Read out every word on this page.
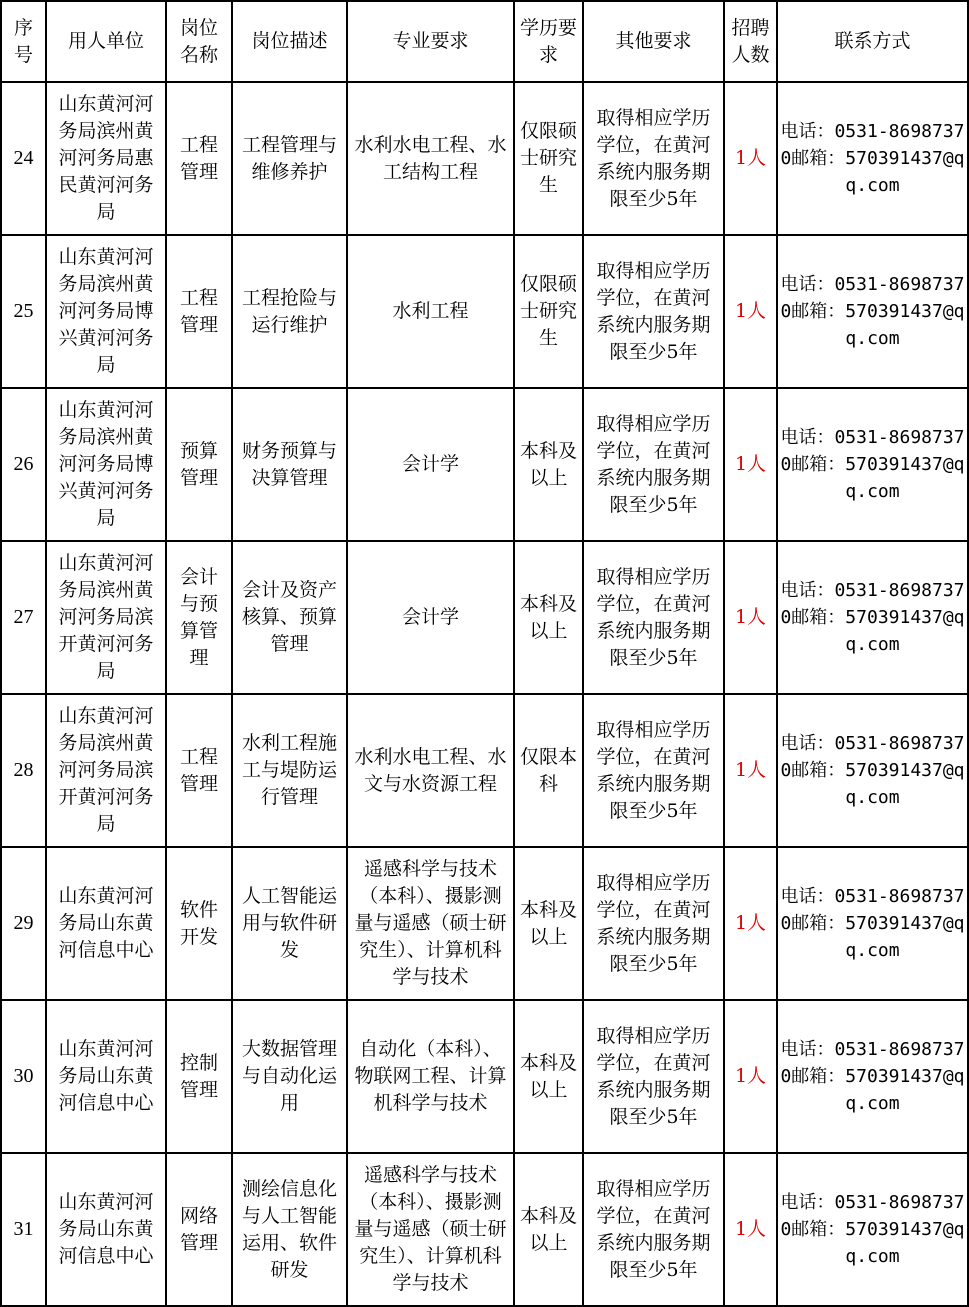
序号	用人单位	岗位名称	岗位描述	专业要求	学历要求	其他要求	招聘人数	联系方式
24	山东黄河河务局滨州黄河河务局惠民黄河河务局	工程管理	工程管理与维修养护	水利水电工程、水工结构工程	仅限硕士研究生	取得相应学历学位，在黄河系统内服务期限至少5年	1人	电话：0531-86987370邮箱：570391437@qq.com
25	山东黄河河务局滨州黄河河务局博兴黄河河务局	工程管理	工程抢险与运行维护	水利工程	仅限硕士研究生	取得相应学历学位，在黄河系统内服务期限至少5年	1人	电话：0531-86987370邮箱：570391437@qq.com
26	山东黄河河务局滨州黄河河务局博兴黄河河务局	预算管理	财务预算与决算管理	会计学	本科及以上	取得相应学历学位，在黄河系统内服务期限至少5年	1人	电话：0531-86987370邮箱：570391437@qq.com
27	山东黄河河务局滨州黄河河务局滨开黄河河务局	会计与预算管理	会计及资产核算、预算管理	会计学	本科及以上	取得相应学历学位，在黄河系统内服务期限至少5年	1人	电话：0531-86987370邮箱：570391437@qq.com
28	山东黄河河务局滨州黄河河务局滨开黄河河务局	工程管理	水利工程施工与堤防运行管理	水利水电工程、水文与水资源工程	仅限本科	取得相应学历学位，在黄河系统内服务期限至少5年	1人	电话：0531-86987370邮箱：570391437@qq.com
29	山东黄河河务局山东黄河信息中心	软件开发	人工智能运用与软件研发	遥感科学与技术（本科）、摄影测量与遥感（硕士研究生）、计算机科学与技术	本科及以上	取得相应学历学位，在黄河系统内服务期限至少5年	1人	电话：0531-86987370邮箱：570391437@qq.com
30	山东黄河河务局山东黄河信息中心	控制管理	大数据管理与自动化运用	自动化（本科）、物联网工程、计算机科学与技术	本科及以上	取得相应学历学位，在黄河系统内服务期限至少5年	1人	电话：0531-86987370邮箱：570391437@qq.com
31	山东黄河河务局山东黄河信息中心	网络管理	测绘信息化与人工智能运用、软件研发	遥感科学与技术（本科）、摄影测量与遥感（硕士研究生）、计算机科学与技术	本科及以上	取得相应学历学位，在黄河系统内服务期限至少5年	1人	电话：0531-86987370邮箱：570391437@qq.com
